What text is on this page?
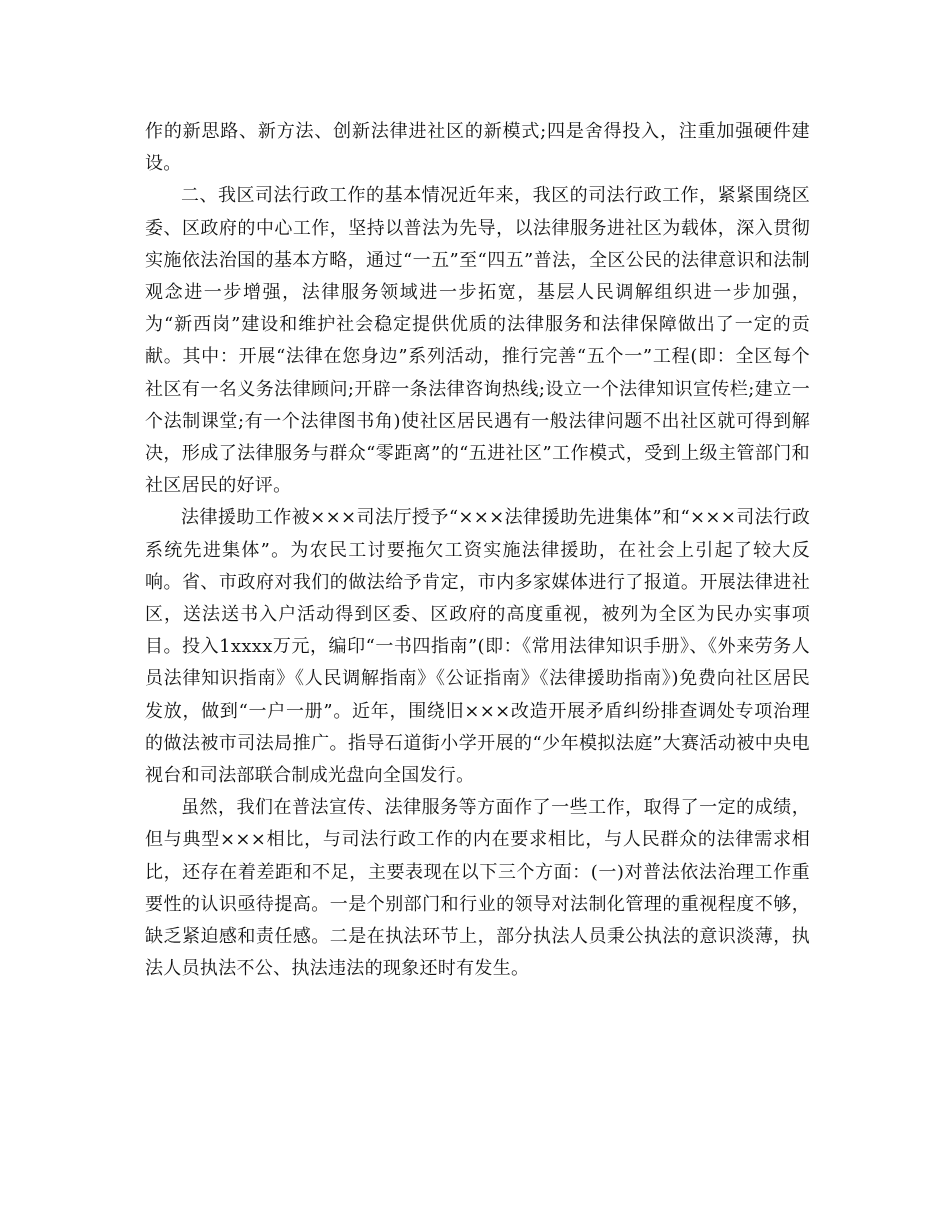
作的新思路、新方法、创新法律进社区的新模式;四是舍得投入，注重加强硬件建设。

二、我区司法行政工作的基本情况近年来，我区的司法行政工作，紧紧围绕区委、区政府的中心工作，坚持以普法为先导，以法律服务进社区为载体，深入贯彻实施依法治国的基本方略，通过“一五”至“四五”普法，全区公民的法律意识和法制观念进一步增强，法律服务领域进一步拓宽，基层人民调解组织进一步加强，为“新西岗”建设和维护社会稳定提供优质的法律服务和法律保障做出了一定的贡献。其中：开展“法律在您身边”系列活动，推行完善“五个一”工程(即：全区每个社区有一名义务法律顾问;开辟一条法律咨询热线;设立一个法律知识宣传栏;建立一个法制课堂;有一个法律图书角)使社区居民遇有一般法律问题不出社区就可得到解决，形成了法律服务与群众“零距离”的“五进社区”工作模式，受到上级主管部门和社区居民的好评。

法律援助工作被×××司法厅授予“×××法律援助先进集体”和“×××司法行政系统先进集体”。为农民工讨要拖欠工资实施法律援助，在社会上引起了较大反响。省、市政府对我们的做法给予肯定，市内多家媒体进行了报道。开展法律进社区，送法送书入户活动得到区委、区政府的高度重视，被列为全区为民办实事项目。投入1xxxx万元，编印“一书四指南”(即：《常用法律知识手册》、《外来劳务人员法律知识指南》《人民调解指南》《公证指南》《法律援助指南》)免费向社区居民发放，做到“一户一册”。近年，围绕旧×××改造开展矛盾纠纷排查调处专项治理的做法被市司法局推广。指导石道街小学开展的“少年模拟法庭”大赛活动被中央电视台和司法部联合制成光盘向全国发行。

虽然，我们在普法宣传、法律服务等方面作了一些工作，取得了一定的成绩，但与典型×××相比，与司法行政工作的内在要求相比，与人民群众的法律需求相比，还存在着差距和不足，主要表现在以下三个方面：(一)对普法依法治理工作重要性的认识亟待提高。一是个别部门和行业的领导对法制化管理的重视程度不够，缺乏紧迫感和责任感。二是在执法环节上，部分执法人员秉公执法的意识淡薄，执法人员执法不公、执法违法的现象还时有发生。
